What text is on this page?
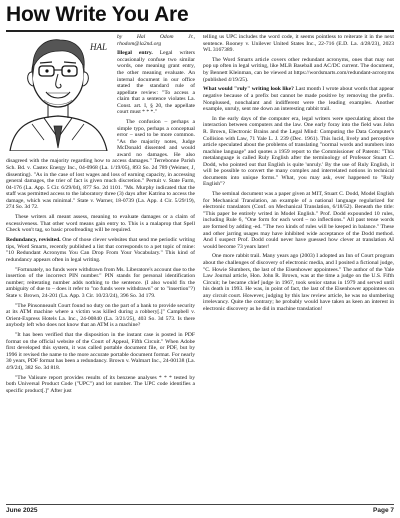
How Write You Are
HAL

by Hal Odom Jr., rhodom@la2nd.org

Illegal entry. Legal writers occasionally confuse two similar words, one meaning grant entry, the other meaning evaluate. An internal document in our office stated the standard rule of appellate review: "To access a claim that a sentence violates La. Const. art. I, § 20, the appellate court must * * *."

The confusion – perhaps a simple typo, perhaps a conceptual error – used to be more common. "As the majority notes, Judge McDonald dissented and would award no damages. He also disagreed with the majority regarding how to access damages." Terrebonne Parish Sch. Bd. v. Castex Energy Inc., 04-0968 (La. 1/19/05), 893 So. 2d 789 (Weimer, J, dissenting). "As in the case of lost wages and loss of earning capacity, in accessing general damages, the trier of fact is given much discretion." Pertuit v. State Farm, 04-176 (La. App. 5 Cir. 6/29/04), 877 So. 2d 1101. "Ms. Murphy indicated that the staff was permitted access to the laboratory three (3) days after Katrina to access the damage, which was minimal." State v. Warner, 18-0739 (La. App. 4 Cir. 5/29/19), 274 So. 3d 72.

These writers all meant assess, meaning to evaluate damages or a claim of excessiveness. That other word means gain entry to. This is a malaprop that Spell Check won't tag, so basic proofreading will be required.

Redundancy, revisited. One of those clever websites that send me periodic writing tips, Word Smarts, recently published a list that corresponds to a pet topic of mine: "10 Redundant Acronyms You Can Drop From Your Vocabulary." This kind of redundancy appears often in legal writing.

"Fortunately, no funds were withdrawn from Ms. Liberatore's account due to the insertion of the incorrect PIN number." PIN stands for personal identification number; reiterating number adds nothing to the sentence. (I also would fix the ambiguity of due to – does it refer to "no funds were withdrawn" or to "insertion"?) State v. Brown, 24-201 (La. App. 3 Cir. 10/23/24), 396 So. 3d 179.

"The Pinsonneault Court found no duty on the part of a bank to provide security at its ATM machine where a victim was killed during a robbery[.]" Campbell v. Orient-Express Hotels La. Inc., 24-00840 (La. 3/21/25), 403 So. 3d 573. Is there anybody left who does not know that an ATM is a machine?

"It has been verified that the disposition in the instant case is posted in PDF format on the official website of the Court of Appeal, Fifth Circuit." When Adobe first developed this system, it was called portable document file, or PDF, but by 1996 it revised the name to the more accurate portable document format. For nearly 30 years, PDF format has been a redundancy. Brown v. Walmart Inc., 24-00138 (La. 4/9/24), 382 So. 3d 818.

"The Valisure report provides results of its benzene analyses * * * tested by both Universal Product Code ("UPC") and lot number. The UPC code identifies a specific product[.]" After just

telling us UPC includes the word code, it seems pointless to reiterate it in the next sentence. Rooney v. Unilever United States Inc., 22-716 (E.D. La. 4/28/23), 2023 WL 3167389.

The Word Smarts article covers other redundant acronyms, ones that may not pop up often in legal writing, like MLB Baseball and AC/DC current. The document, by Bennett Kleinman, can be viewed at https://wordsmarts.com/redundant-acronyms (published 4/19/25).

What would "ruly" writing look like? Last month I wrote about words that appear negative because of a prefix but cannot be made positive by removing the prefix. Nonplussed, nonchalant and indifferent were the leading examples. Another example, unruly, sent me down an interesting rabbit trail.

In the early days of the computer era, legal writers were speculating about the interaction between computers and the law. One early foray into the field was John R. Brown, Electronic Brains and the Legal Mind: Computing the Data Computer's Collision with Law, 71 Yale L. J. 239 (Dec. 1961). This lucid, lively and perceptive article speculated about the problems of translating "normal words and numbers into machine language" and quotes a 1959 report to the Commissioner of Patents: "This metalanguage is called Ruly English after the terminology of Professor Stuart C. Dodd, who pointed out that English is quite 'unruly.' By the use of Ruly English, it will be possible to convert the many complex and interrelated notions in technical documents into unique forms." What, you may ask, ever happened to "Ruly English"?

The seminal document was a paper given at MIT, Stuart C. Dodd, Model English for Mechanical Translation, an example of a national language regularized for electronic translators (Conf. on Mechanical Translation, 6/18/52). Beneath the title: "This paper be entirely writed in Model English." Prof. Dodd expounded 10 rules, including Rule 6, "One form for each word – no inflections." All past tense words are formed by adding -ed. "The two kinds of rules will be keeped in balance." These and other jarring usages may have inhibited wide acceptance of the Dodd method. And I suspect Prof. Dodd could never have guessed how clever at translation AI would become 73 years later!

One more rabbit trail. Many years ago (2003) I adopted an Inn of Court program about the challenges of discovery of electronic media, and I posited a fictional judge, "C. Howie Slumbers, the last of the Eisenhower appointees." The author of the Yale Law Journal article, Hon. John R. Brown, was at the time a judge on the U.S. Fifth Circuit; he became chief judge in 1967, took senior status in 1979 and served until his death in 1993. He was, in point of fact, the last of the Eisenhower appointees on any circuit court. However, judging by this law review article, he was no slumbering irrelevancy. Quite the contrary; he probably would have taken as keen an interest in electronic discovery as he did in machine translation!

June 2025	Page 7
